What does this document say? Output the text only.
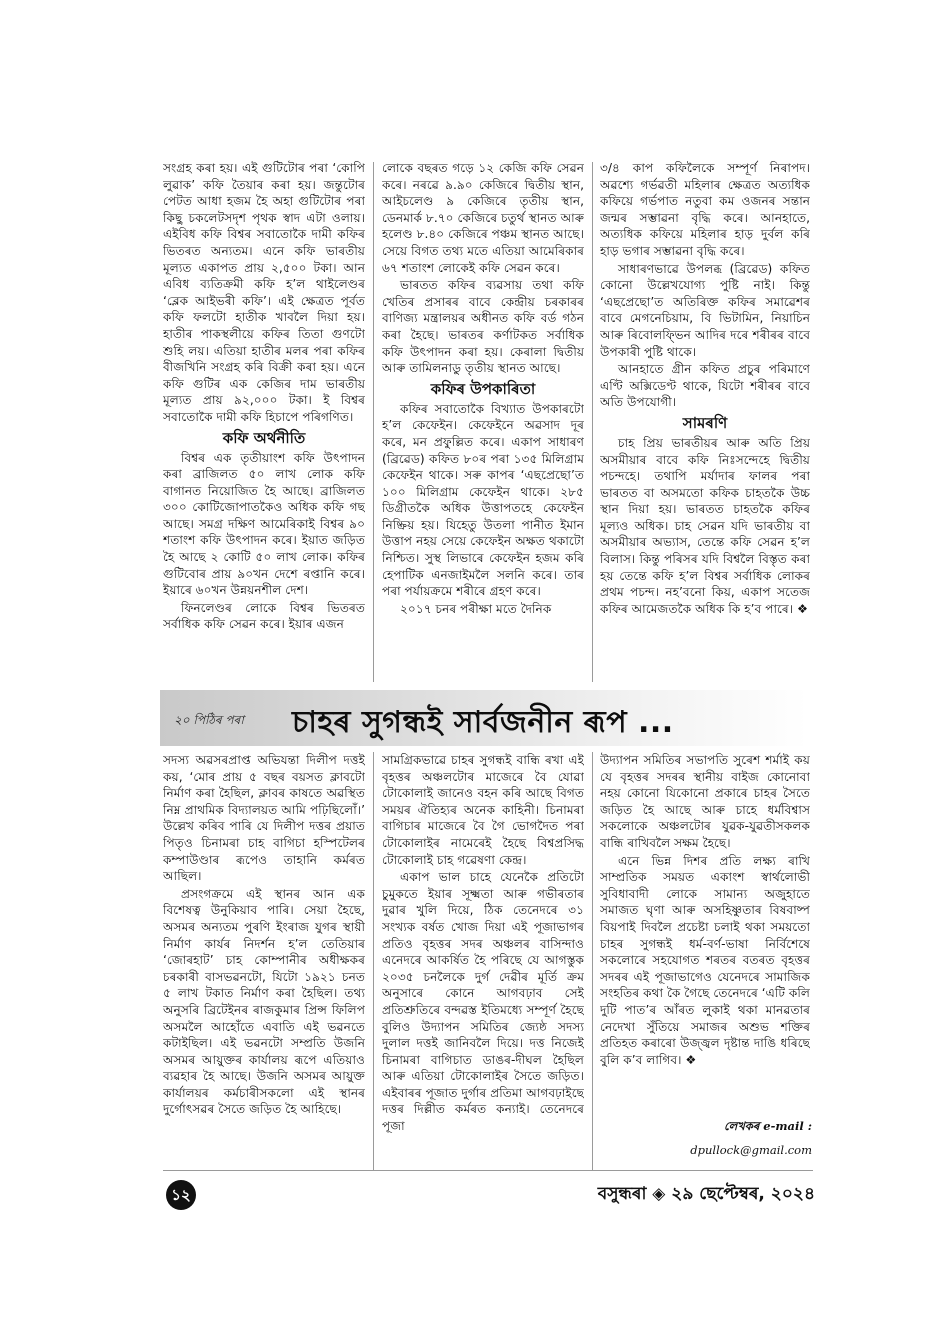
সংগ্ৰহ কৰা হয়। এই গুটিটোৰ পৰা ‘কোপি লুৱাক’ কফি তৈয়াৰ কৰা হয়। জন্তুটোৰ পেটত আধা হজম হৈ অহা গুটিটোৰ পৰা কিছু চকলেটসদৃশ পৃথক স্বাদ এটা ওলায়। এইবিধ কফি বিশ্বৰ সবাতোকৈ দামী কফিৰ ভিতৰত অন্যতম। এনে কফি ভাৰতীয় মূল্যত একাপত প্ৰায় ২,৫০০ টকা। আন এবিধ ব্যতিক্ৰমী কফি হ’ল থাইলেণ্ডৰ ‘ব্লেক আইভৰী কফি’। এই ক্ষেত্ৰত পূৰ্বত কফি ফলটো হাতীক খাবলৈ দিয়া হয়। হাতীৰ পাকস্থলীয়ে কফিৰ তিতা গুণটো শুহি লয়। এতিয়া হাতীৰ মলৰ পৰা কফিৰ বীজখিনি সংগ্ৰহ কৰি বিক্ৰী কৰা হয়। এনে কফি গুটিৰ এক কেজিৰ দাম ভাৰতীয় মূল্যত প্ৰায় ৯২,০০০ টকা। ই বিশ্বৰ সবাতোকৈ দামী কফি হিচাপে পৰিগণিত।

কফি অৰ্থনীতি

বিশ্বৰ এক তৃতীয়াংশ কফি উৎপাদন কৰা ব্ৰাজিলত ৫০ লাখ লোক কফি বাগানত নিয়োজিত হৈ আছে। ব্ৰাজিলত ৩০০ কোটিজোপাতকৈও অধিক কফি গছ আছে। সমগ্ৰ দক্ষিণ আমেৰিকাই বিশ্বৰ ৯০ শতাংশ কফি উৎপাদন কৰে। ইয়াত জড়িত হৈ আছে ২ কোটি ৫০ লাখ লোক। কফিৰ গুটিবোৰ প্ৰায় ৯০খন দেশে ৰপ্তানি কৰে। ইয়াৰে ৬০খন উন্নয়নশীল দেশ।

ফিনলেণ্ডৰ লোকে বিশ্বৰ ভিতৰত সৰ্বাধিক কফি সেৱন কৰে। ইয়াৰ এজন

লোকে বছৰত গড়ে ১২ কেজি কফি সেৱন কৰে। নৰৱে ৯.৯০ কেজিৰে দ্বিতীয় স্থান, আইচলেণ্ড ৯ কেজিৰে তৃতীয় স্থান, ডেনমাৰ্ক ৮.৭০ কেজিৰে চতুৰ্থ স্থানত আৰু হলেণ্ড ৮.৪০ কেজিৰে পঞ্চম স্থানত আছে। সেয়ে বিগত তথ্য মতে এতিয়া আমেৰিকাৰ ৬৭ শতাংশ লোকেই কফি সেৱন কৰে।

ভাৰতত কফিৰ ব্যৱসায় তথা কফি খেতিৰ প্ৰসাৰৰ বাবে কেন্দ্ৰীয় চৰকাৰৰ বাণিজ্য মন্ত্ৰালয়ৰ অধীনত কফি বৰ্ড গঠন কৰা হৈছে। ভাৰতৰ কৰ্ণাটকত সৰ্বাধিক কফি উৎপাদন কৰা হয়। কেৰালা দ্বিতীয় আৰু তামিলনাডু তৃতীয় স্থানত আছে।

কফিৰ উপকাৰিতা

কফিৰ সবাতোকৈ বিখ্যাত উপকাৰটো হ’ল কেফেইন। কেফেইনে অৱসাদ দূৰ কৰে, মন প্ৰফুল্লিত কৰে। একাপ সাধাৰণ (ব্ৰিৱেড) কফিত ৮০ৰ পৰা ১৩৫ মিলিগ্ৰাম কেফেইন থাকে। সৰু কাপৰ ‘এছপ্ৰেছো’ত ১০০ মিলিগ্ৰাম কেফেইন থাকে। ২৮৫ ডিগ্ৰীতকৈ অধিক উত্তাপতহে কেফেইন নিষ্ক্ৰিয় হয়। যিহেতু উতলা পানীত ইমান উত্তাপ নহয় সেয়ে কেফেইন অক্ষত থকাটো নিশ্চিত। সুস্থ লিভাৰে কেফেইন হজম কৰি হেপাটিক এনজাইমলৈ সলনি কৰে। তাৰ পৰা পৰ্যায়ক্ৰমে শৰীৰে গ্ৰহণ কৰে।

২০১৭ চনৰ পৰীক্ষা মতে দৈনিক

৩/৪ কাপ কফিলৈকে সম্পূৰ্ণ নিৰাপদ। অৱশ্যে গৰ্ভৱতী মহিলাৰ ক্ষেত্ৰত অত্যধিক কফিয়ে গৰ্ভপাত নতুবা কম ওজনৰ সন্তান জন্মৰ সম্ভাৱনা বৃদ্ধি কৰে। আনহাতে, অত্যধিক কফিয়ে মহিলাৰ হাড় দুৰ্বল কৰি হাড় ভগাৰ সম্ভাৱনা বৃদ্ধি কৰে।

সাধাৰণভাৱে উপলব্ধ (ব্ৰিৱেড) কফিত কোনো উল্লেখযোগ্য পুষ্টি নাই। কিন্তু ‘এছপ্ৰেছো’ত অতিৰিক্ত কফিৰ সমাৱেশৰ বাবে মেগনেচিয়াম, বি ভিটামিন, নিয়াচিন আৰু ৰিবোলফ্ভিন আদিৰ দৰে শৰীৰৰ বাবে উপকাৰী পুষ্টি থাকে।

আনহাতে গ্ৰীন কফিত প্ৰচুৰ পৰিমাণে এণ্টি অক্সিডেণ্ট থাকে, যিটো শৰীৰৰ বাবে অতি উপযোগী।

সামৰণি

চাহ প্ৰিয় ভাৰতীয়ৰ আৰু অতি প্ৰিয় অসমীয়াৰ বাবে কফি নিঃসন্দেহে দ্বিতীয় পচন্দহে। তথাপি মৰ্যাদাৰ ফালৰ পৰা ভাৰতত বা অসমতো কফিক চাহতকৈ উচ্চ স্থান দিয়া হয়। ভাৰতত চাহতকৈ কফিৰ মূল্যও অধিক। চাহ সেৱন যদি ভাৰতীয় বা অসমীয়াৰ অভ্যাস, তেন্তে কফি সেৱন হ’ল বিলাস। কিন্তু পৰিসৰ যদি বিশ্বলৈ বিস্তৃত কৰা হয় তেন্তে কফি হ’ল বিশ্বৰ সৰ্বাধিক লোকৰ প্ৰথম পচন্দ। নহ’বনো কিয়, একাপ সতেজ কফিৰ আমেজতকৈ অধিক কি হ’ব পাৰে। ❖

২০ পিঠিৰ পৰা চাহৰ সুগন্ধই সাৰ্বজনীন ৰূপ ...

সদস্য অৱসৰপ্ৰাপ্ত অভিযন্তা দিলীপ দত্তই কয়, ‘মোৰ প্ৰায় ৫ বছৰ বয়সত ক্লাবটো নিৰ্মাণ কৰা হৈছিল, ক্লাবৰ কাষতে অৱস্থিত নিম্ন প্ৰাথমিক বিদ্যালয়ত আমি পঢ়িছিলোঁ।’ উল্লেখ কৰিব পাৰি যে দিলীপ দত্তৰ প্ৰয়াত পিতৃও চিনামৰা চাহ বাগিচা হস্পিটেলৰ কম্পাউণ্ডাৰ ৰূপেও তাহানি কৰ্মৰত আছিল।

প্ৰসংগক্ৰমে এই স্থানৰ আন এক বিশেষত্ব উনুকিয়াব পাৰি। সেয়া হৈছে, অসমৰ অন্যতম পুৰণি ইংৰাজ যুগৰ স্থায়ী নিৰ্মাণ কাৰ্যৰ নিদৰ্শন হ’ল তেতিয়াৰ ‘জোৰহাট’ চাহ কোম্পানীৰ অধীক্ষকৰ চৰকাৰী বাসভৱনটো, যিটো ১৯২১ চনত ৫ লাখ টকাত নিৰ্মাণ কৰা হৈছিল। তথ্য অনুসৰি ব্ৰিটেইনৰ ৰাজকুমাৰ প্ৰিন্স ফিলিপ অসমলৈ আহোঁতে এবাতি এই ভৱনতে কটাইছিল। এই ভৱনটো সম্প্ৰতি উজনি অসমৰ আয়ুক্তৰ কাৰ্যালয় ৰূপে এতিয়াও ব্যৱহাৰ হৈ আছে। উজনি অসমৰ আয়ুক্ত কাৰ্যালয়ৰ কৰ্মচাৰীসকলো এই স্থানৰ দুৰ্গোৎসৱৰ সৈতে জড়িত হৈ আহিছে।

সামগ্ৰিকভাৱে চাহৰ সুগন্ধই বান্ধি ৰখা এই বৃহত্তৰ অঞ্চলটোৰ মাজেৰে বৈ যোৱা টোকোলাই জানেও বহন কৰি আছে বিগত সময়ৰ ঐতিহ্যৰ অনেক কাহিনী। চিনামৰা বাগিচাৰ মাজেৰে বৈ গৈ ভোগদৈত পৰা টোকোলাইৰ নামেৰেই হৈছে বিশ্বপ্ৰসিদ্ধ টোকোলাই চাহ গৱেষণা কেন্দ্ৰ।

একাপ ভাল চাহে যেনেকৈ প্ৰতিটো চুমুকতে ইয়াৰ সূক্ষ্মতা আৰু গভীৰতাৰ দুৱাৰ খুলি দিয়ে, ঠিক তেনেদৰে ৩১ সংখ্যক বৰ্ষত খোজ দিয়া এই পূজাভাগৰ প্ৰতিও বৃহত্তৰ সদৰ অঞ্চলৰ বাসিন্দাও এনেদৰে আকৰ্ষিত হৈ পৰিছে যে আগস্তুক ২০৩৫ চনলৈকে দুৰ্গ দেৱীৰ মূৰ্তি ক্ৰম অনুসাৰে কোনে আগবঢ়াব সেই প্ৰতিশ্ৰুতিৰে বন্দৱস্ত ইতিমধ্যে সম্পূৰ্ণ হৈছে বুলিও উদ্যাপন সমিতিৰ জ্যেষ্ঠ সদস্য দুলাল দত্তই জানিবলৈ দিয়ে। দত্ত নিজেই চিনামৰা বাগিচাত ডাঙৰ-দীঘল হৈছিল আৰু এতিয়া টোকোলাইৰ সৈতে জড়িত। এইবাৰৰ পূজাত দুৰ্গাৰ প্ৰতিমা আগবঢ়াইছে দত্তৰ দিল্লীত কৰ্মৰত কন্যাই। তেনেদৰে পূজা

উদ্যাপন সমিতিৰ সভাপতি সুৰেশ শৰ্মাই কয় যে বৃহত্তৰ সদৰৰ স্থানীয় বাইজ কোনোবা নহয় কোনো যিকোনো প্ৰকাৰে চাহৰ সৈতে জড়িত হৈ আছে আৰু চাহে ধৰ্মবিশ্বাস সকলোকে অঞ্চলটোৰ যুৱক-যুৱতীসকলক বান্ধি ৰাখিবলৈ সক্ষম হৈছে।

এনে ভিন্ন দিশৰ প্ৰতি লক্ষ্য ৰাখি সাম্প্ৰতিক সময়ত একাংশ স্বাৰ্থলোভী সুবিধাবাদী লোকে সামান্য অজুহাতে সমাজত ঘৃণা আৰু অসহিষ্ণুতাৰ বিষবাষ্প বিয়পাই দিবলৈ প্ৰচেষ্টা চলাই থকা সময়তো চাহৰ সুগন্ধই ধৰ্ম-বৰ্ণ-ভাষা নিৰ্বিশেষে সকলোৰে সহযোগত শৰতৰ বতৰত বৃহত্তৰ সদৰৰ এই পূজাভাগেও যেনেদৰে সামাজিক সংহতিৰ কথা কৈ গৈছে তেনেদৰে ‘এটি কলি দুটি পাত’ৰ আঁৰত লুকাই থকা মানৱতাৰ নেদেখা সুঁতিয়ে সমাজৰ অশুভ শক্তিৰ প্ৰতিহত কৰাৰো উজ্জ্বল দৃষ্টান্ত দাঙি ধৰিছে বুলি ক’ব লাগিব। ❖

লেখকৰ e-mail :
dpullock@gmail.com
১২	বসুন্ধৰা ◈ ২৯ ছেপ্টেম্বৰ, ২০২৪
